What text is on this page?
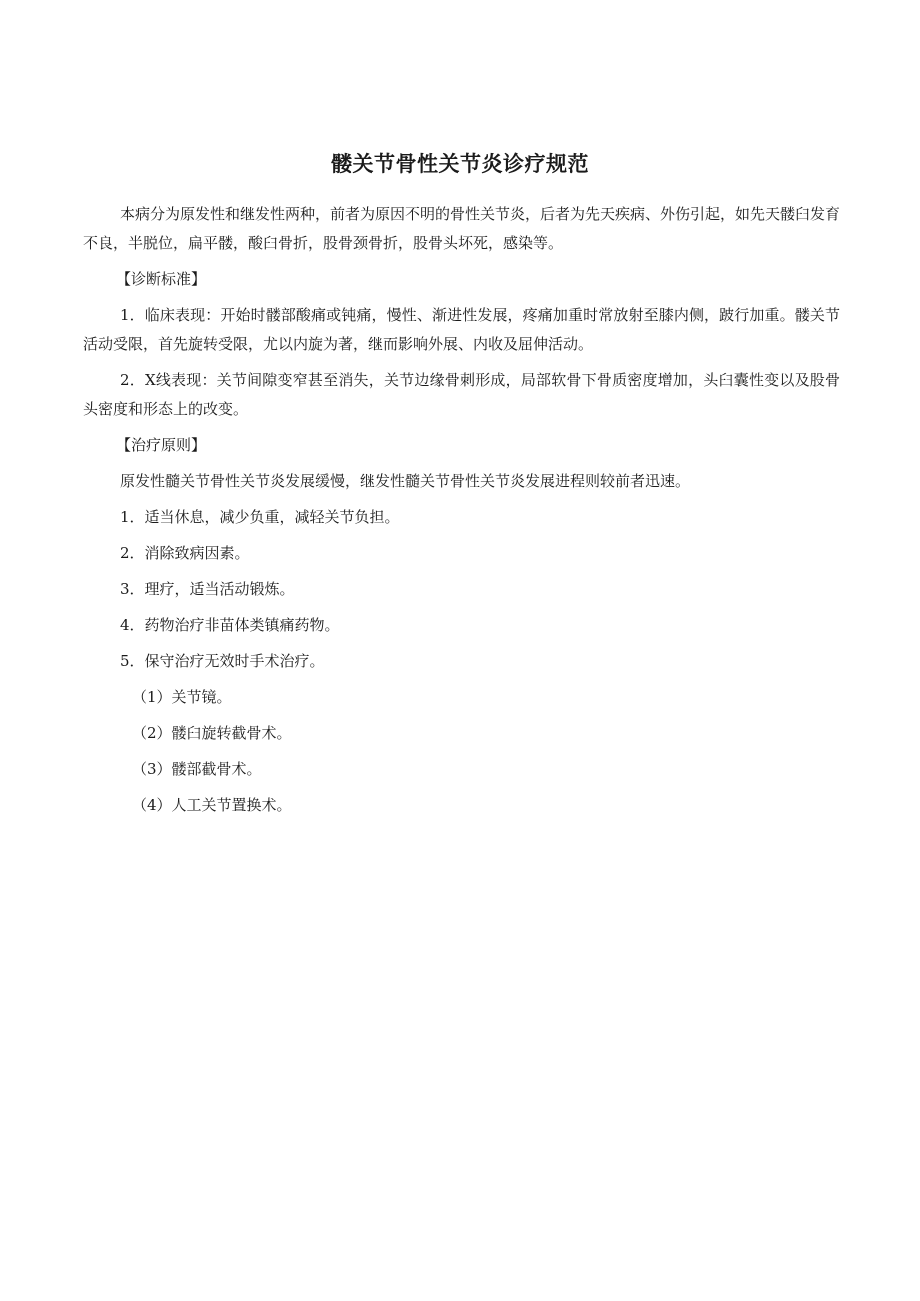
髅关节骨性关节炎诊疗规范

本病分为原发性和继发性两种，前者为原因不明的骨性关节炎，后者为先天疾病、外伤引起，如先天髅臼发育不良，半脱位，扁平髅，酸臼骨折，股骨颈骨折，股骨头坏死，感染等。

【诊断标准】

1．临床表现：开始时髅部酸痛或钝痛，慢性、渐进性发展，疼痛加重时常放射至膝内侧，跛行加重。髅关节活动受限，首先旋转受限，尤以内旋为著，继而影响外展、内收及屈伸活动。

2．X线表现：关节间隙变窄甚至消失，关节边缘骨刺形成，局部软骨下骨质密度增加，头臼囊性变以及股骨头密度和形态上的改变。

【治疗原则】

原发性髓关节骨性关节炎发展缓慢，继发性髓关节骨性关节炎发展进程则较前者迅速。

1．适当休息，减少负重，减轻关节负担。

2．消除致病因素。

3．理疗，适当活动锻炼。

4．药物治疗非苗体类镇痛药物。

5．保守治疗无效时手术治疗。

（1）关节镜。

（2）髅臼旋转截骨术。

（3）髅部截骨术。

（4）人工关节置换术。
